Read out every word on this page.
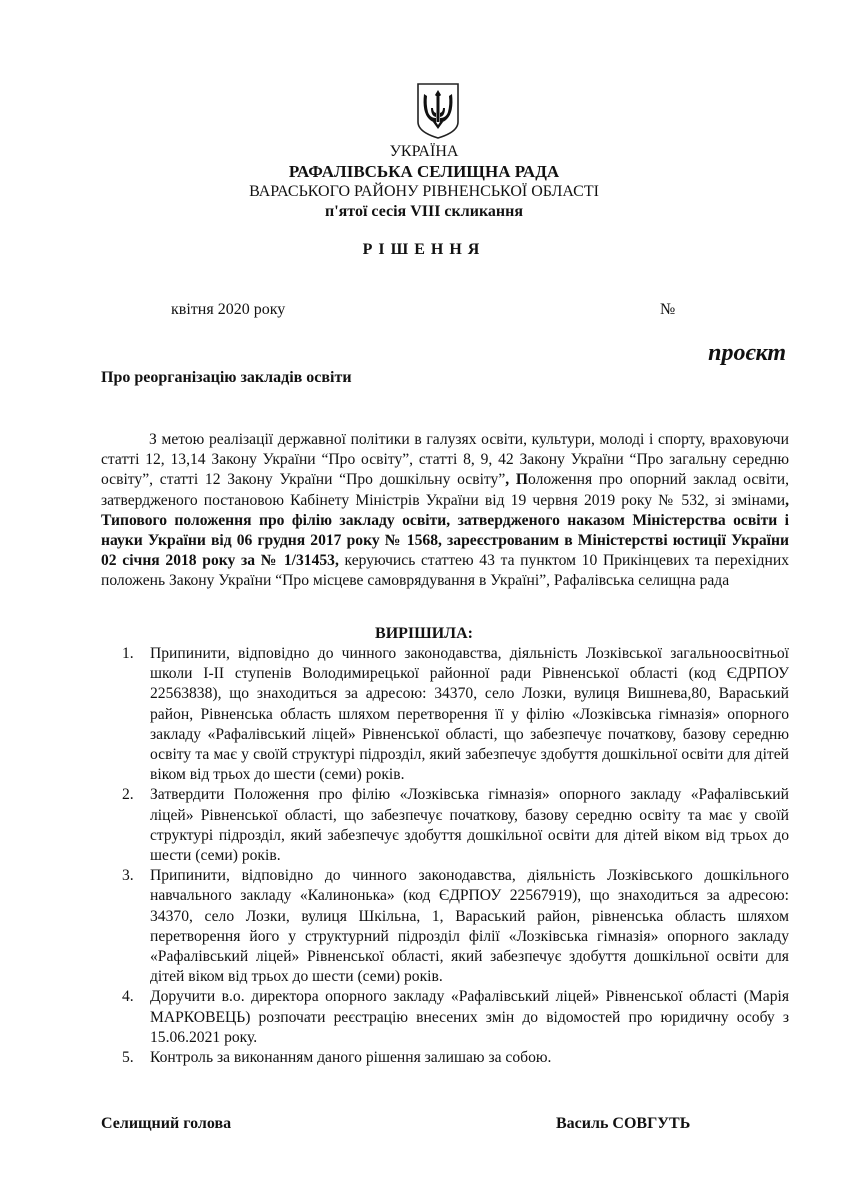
УКРАЇНА
РАФАЛІВСЬКА СЕЛИЩНА РАДА
ВАРАСЬКОГО РАЙОНУ РІВНЕНСЬКОЇ ОБЛАСТІ
п'ятої сесія VIII скликання
РІШЕННЯ
квітня 2020 року	№
проєкт
Про реорганізацію закладів освіти
З метою реалізації державної політики в галузях освіти, культури, молоді і спорту, враховуючи статті 12, 13,14 Закону України “Про освіту”, статті 8, 9, 42 Закону України “Про загальну середню освіту”, статті 12 Закону України “Про дошкільну освіту”, Положення про опорний заклад освіти, затвердженого постановою Кабінету Міністрів України від 19 червня 2019 року № 532, зі змінами, Типового положення про філію закладу освіти, затвердженого наказом Міністерства освіти і науки України від 06 грудня 2017 року № 1568, зареєстрованим в Міністерстві юстиції України 02 січня 2018 року за № 1/31453, керуючись статтею 43 та пунктом 10 Прикінцевих та перехідних положень Закону України “Про місцеве самоврядування в Україні”, Рафалівська селищна рада
ВИРІШИЛА:
1. Припинити, відповідно до чинного законодавства, діяльність Лозківської загальноосвітньої школи І-ІІ ступенів Володимирецької районної ради Рівненської області (код ЄДРПОУ 22563838), що знаходиться за адресою: 34370, село Лозки, вулиця Вишнева,80, Вараський район, Рівненська область шляхом перетворення її у філію «Лозківська гімназія» опорного закладу «Рафалівський ліцей» Рівненської області, що забезпечує початкову, базову середню освіту та має у своїй структурі підрозділ, який забезпечує здобуття дошкільної освіти для дітей віком від трьох до шести (семи) років.
2. Затвердити Положення про філію «Лозківська гімназія» опорного закладу «Рафалівський ліцей» Рівненської області, що забезпечує початкову, базову середню освіту та має у своїй структурі підрозділ, який забезпечує здобуття дошкільної освіти для дітей віком від трьох до шести (семи) років.
3. Припинити, відповідно до чинного законодавства, діяльність Лозківського дошкільного навчального закладу «Калинонька» (код ЄДРПОУ 22567919), що знаходиться за адресою: 34370, село Лозки, вулиця Шкільна, 1, Вараський район, рівненська область шляхом перетворення його у структурний підрозділ філії «Лозківська гімназія» опорного закладу «Рафалівський ліцей» Рівненської області, який забезпечує здобуття дошкільної освіти для дітей віком від трьох до шести (семи) років.
4. Доручити в.о. директора опорного закладу «Рафалівський ліцей» Рівненської області (Марія МАРКОВЕЦЬ) розпочати реєстрацію внесених змін до відомостей про юридичну особу з 15.06.2021 року.
5. Контроль за виконанням даного рішення залишаю за собою.
Селищний голова	Василь СОВГУТЬ
